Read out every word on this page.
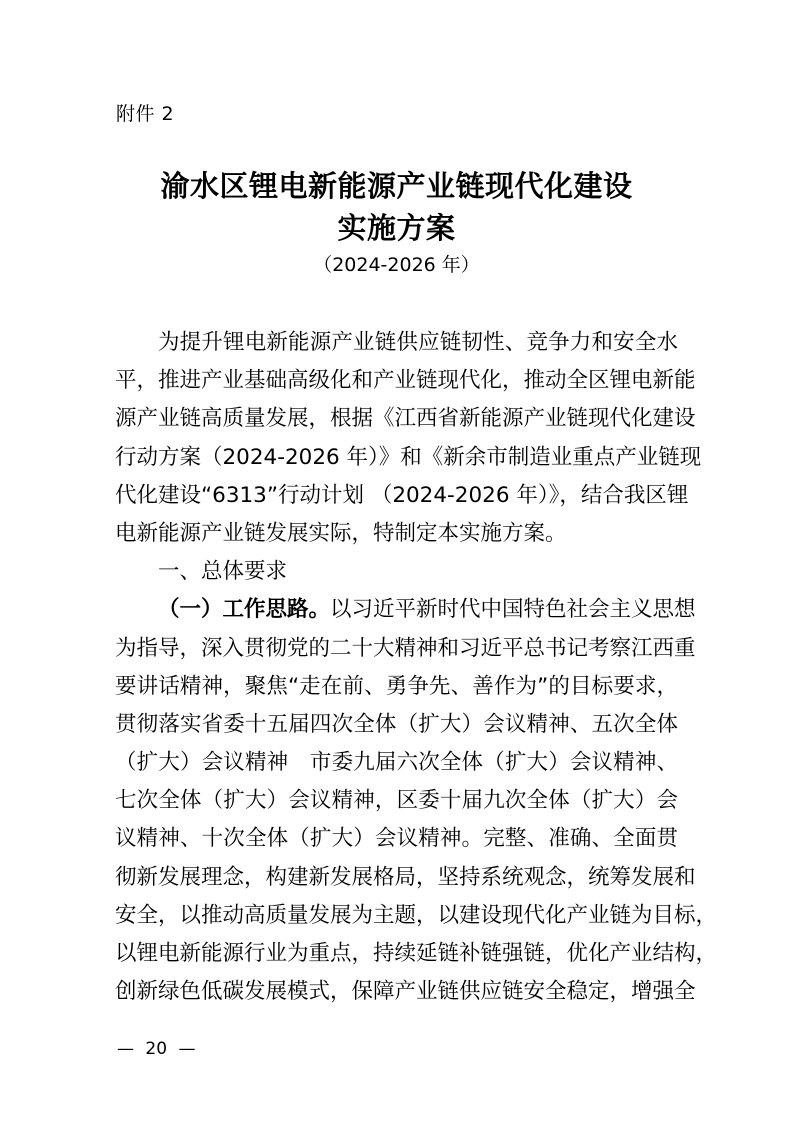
附件 2
渝水区锂电新能源产业链现代化建设
实施方案
（2024-2026 年）
为提升锂电新能源产业链供应链韧性、竞争力和安全水
平，推进产业基础高级化和产业链现代化，推动全区锂电新能
源产业链高质量发展，根据《江西省新能源产业链现代化建设
行动方案（2024-2026 年）》和《新余市制造业重点产业链现
代化建设“6313”行动计划 （2024-2026 年）》，结合我区锂
电新能源产业链发展实际，特制定本实施方案。
一、总体要求
（一）工作思路。以习近平新时代中国特色社会主义思想
为指导，深入贯彻党的二十大精神和习近平总书记考察江西重
要讲话精神，聚焦“走在前、勇争先、善作为”的目标要求，
贯彻落实省委十五届四次全体（扩大）会议精神、五次全体
（扩大）会议精神　市委九届六次全体（扩大）会议精神、
七次全体（扩大）会议精神，区委十届九次全体（扩大）会
议精神、十次全体（扩大）会议精神。完整、准确、全面贯
彻新发展理念，构建新发展格局，坚持系统观念，统筹发展和
安全，以推动高质量发展为主题，以建设现代化产业链为目标，
以锂电新能源行业为重点，持续延链补链强链，优化产业结构，
创新绿色低碳发展模式，保障产业链供应链安全稳定，增强全
— 20 —
